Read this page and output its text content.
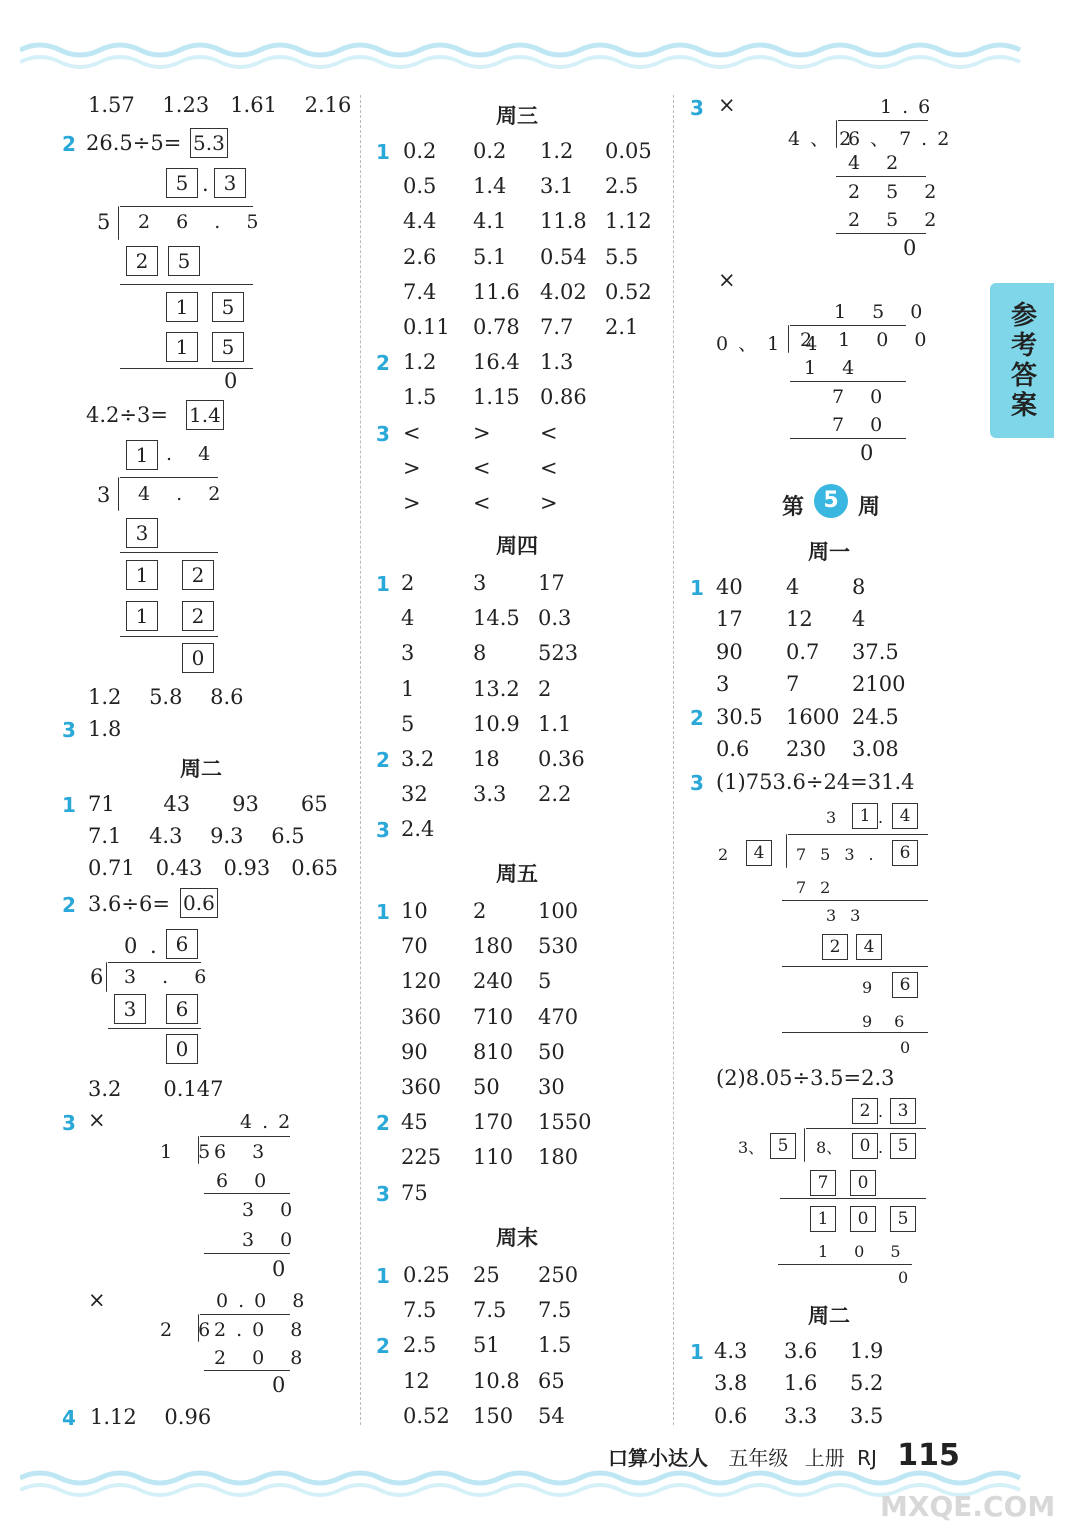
参考答案
1.57　 1.23　1.61　 2.16
2 26.5÷5= 5.3
5 . 3
5 2 6 . 5
2	5
1	5
1	5
0
4.2÷3= 1.4
1 . 4
3 4 . 2
3
1	2
1	2
0
1.2　 5.8　 8.6
3 1.8
周二
1 71　　 43　　93　　65
7.1　 4.3　 9.3　 6.5
0.71　0.43　0.93　0.65
2 3.6÷6= 0.6
0 . 6
6 3 . 6
3	6
0
3.2　　0.147
3 ×	4.2
1 5
6 3
6 0
3 0
3 0
0
×	0.0 8
2 6
2.0 8
2 0 8
0
4 1.12　 0.96
周三
1 0.2 0.2 1.2 0.05
0.5 1.4 3.1 2.5
4.4 4.1 11.8 1.12
2.6 5.1 0.54 5.5
7.4 11.6 4.02 0.52
0.11 0.78 7.7 2.1
2 1.2 16.4 1.3
1.5 1.15 0.86
3 < > <
> < <
> < >
周四
1 2	3 17
4	14.5 0.3
3	8 523
1	13.2 2
5	10.9 1.1
2 3.2 18 0.36
32 3.3 2.2
3 2.4
周五
1 10 2 100
70 180 530
120 240 5
360 710 470
90 810 50
360 50 30
2 45 170 1550
225 110 180
3 75
周末
1 0.25 25 250
7.5 7.5 7.5
2 2.5 51 1.5
12 10.8 65
0.52 150 54
3 ×	1.6
4、2
6、7.2
4 2
2 5 2
2 5 2
0
×
1 5 0
0、1 4
2 1 0 0
1 4
7 0
7 0
0
第 5 周
周一
1 40 4	8
17 12 4
90 0.7 37.5
3	7	2100
2 30.5 1600 24.5
0.6 230 3.08
3 (1)753.6÷24=31.4
3	1 . 4
2	4	753. 6
72
33
2	4
9	6
96
0
(2)8.05÷3.5=2.3
2 . 3
3、 5	8、	0 . 5
7	0
1	0	5
105
0
周二
1 4.3 3.6 1.9
3.8 1.6 5.2
0.6 3.3 3.5
口算小达人 五年级 上册 RJ 115
MXQE.COM
